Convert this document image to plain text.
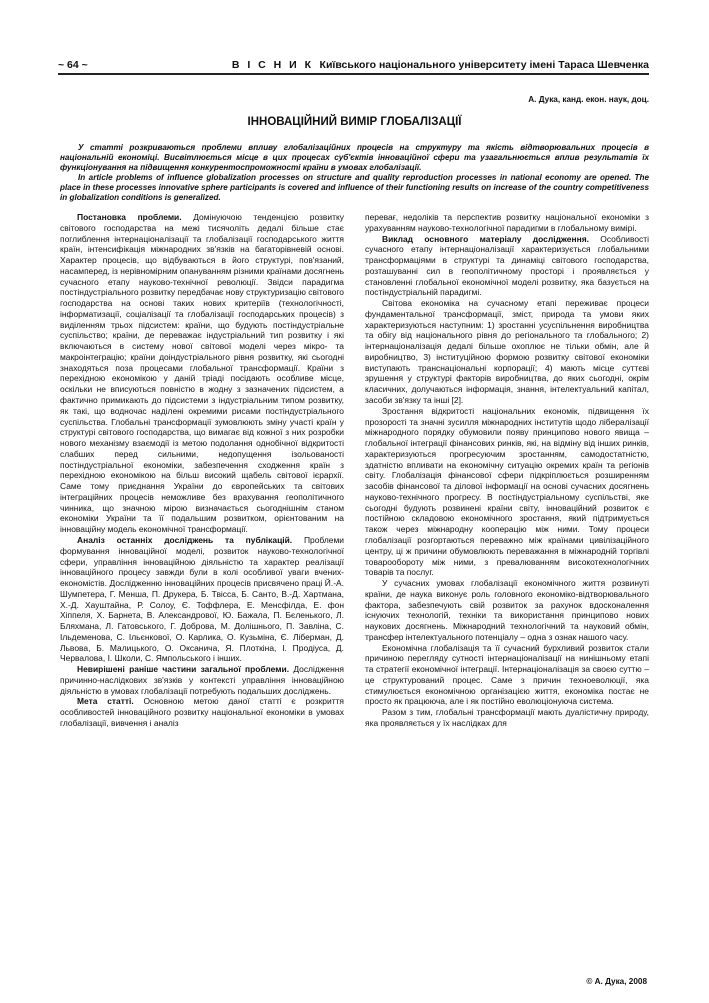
~ 64 ~	В І С Н И К Київського національного університету імені Тараса Шевченка
А. Дука, канд. екон. наук, доц.
ІННОВАЦІЙНИЙ ВИМІР ГЛОБАЛІЗАЦІЇ

У статті розкриваються проблеми впливу глобалізаційних процесів на структуру та якість відтворювальних процесів в національній економіці. Висвітлюється місце в цих процесах суб'єктів інноваційної сфери та узагальнюється вплив результатів їх функціонування на підвищення конкурентоспроможності країни в умовах глобалізації.

In article problems of influence globalization processes on structure and quality reproduction processes in national economy are opened. The place in these processes innovative sphere participants is covered and influence of their functioning results on increase of the country competitiveness in globalization conditions is generalized.

Постановка проблеми. Домінуючою тенденцією розвитку світового господарства на межі тисячоліть дедалі більше стає поглиблення інтернаціоналізації та глобалізації господарського життя країн, інтенсифікація міжнародних зв'язків на багаторівневій основі. Характер процесів, що відбуваються в його структурі, пов'язаний, насамперед, із нерівномірним опануванням різними країнами досягнень сучасного етапу науково-технічної революції. Звідси парадигма постіндустріального розвитку передбачає нову структуризацію світового господарства на основі таких нових критеріїв (технологічності, інформатизації, соціалізації та глобалізації господарських процесів) з виділенням трьох підсистем: країни, що будують постіндустріальне суспільство; країни, де переважає індустріальний тип розвитку і які включаються в систему нової світової моделі через мікро- та макроінтеграцію; країни доіндустріального рівня розвитку, які сьогодні знаходяться поза процесами глобальної трансформації. Країни з перехідною економікою у даній тріаді посідають особливе місце, оскільки не вписуються повністю в жодну з зазначених підсистем, а фактично примикають до підсистеми з індустріальним типом розвитку, як такі, що водночас наділені окремими рисами постіндустріального суспільства. Глобальні трансформації зумовлюють зміну участі країн у структурі світового господарства, що вимагає від кожної з них розробки нового механізму взаємодії із метою подолання однобічної відкритості слабших перед сильними, недопущення ізольованості постіндустріальної економіки, забезпечення сходження країн з перехідною економікою на більш високий щабель світової ієрархії. Саме тому приєднання України до європейських та світових інтеграційних процесів неможливе без врахування геополітичного чинника, що значною мірою визначається сьогоднішнім станом економіки України та її подальшим розвитком, орієнтованим на інноваційну модель економічної трансформації.

Аналіз останніх досліджень та публікацій. Проблеми формування інноваційної моделі, розвиток науково-технологічної сфери, управління інноваційною діяльністю та характер реалізації інноваційного процесу завжди були в колі особливої уваги вчених-економістів. Дослідженню інноваційних процесів присвячено праці Й.-А. Шумпетера, Г. Менша, П. Друкера, Б. Твісса, Б. Санто, В.-Д. Хартмана, Х.-Д. Хауштайна, Р. Солоу, Є. Тоффлера, Е. Менсфілда, Е. фон Хіппеля, Х. Барнета, В. Александрової, Ю. Бажала, П. Бєленького, Л. Бляхмана, Л. Гатовського, Г. Доброва, М. Долішнього, П. Завліна, С. Ільдеменова, С. Ільєнкової, О. Карлика, О. Кузьміна, Є. Ліберман, Д. Львова, Б. Малицького, О. Оксанича, Я. Плоткіна, І. Продіуса, Д. Червалова, І. Школи, С. Ямпольського і інших.

Невирішені раніше частини загальної проблеми. Дослідження причинно-наслідкових зв'язків у контексті управління інноваційною діяльністю в умовах глобалізації потребують подальших досліджень.

Мета статті. Основною метою даної статті є розкриття особливостей інноваційного розвитку національної економіки в умовах глобалізації, вивчення і аналіз

перевағ, недоліків та перспектив розвитку національної економіки з урахуванням науково-технологічної парадигми в глобальному вимірі.

Виклад основного матеріалу дослідження. Особливості сучасного етапу інтернаціоналізації характеризується глобальними трансформаціями в структурі та динаміці світового господарства, розташуванні сил в геополітичному просторі і проявляється у становленні глобальної економічної моделі розвитку, яка базується на постіндустріальній парадигмі.

Світова економіка на сучасному етапі переживає процеси фундаментальної трансформації, зміст, природа та умови яких характеризуються наступним: 1) зростанні усуспільнення виробництва та обігу від національного рівня до регіонального та глобального; 2) інтернаціоналізація дедалі більше охоплює не тільки обмін, але й виробництво, 3) інституційною формою розвитку світової економіки виступають транснаціональні корпорації; 4) мають місце суттєві зрушення у структурі факторів виробництва, до яких сьогодні, окрім класичних, долучаються інформація, знання, інтелектуальний капітал, засоби зв'язку та інші [2].

Зростання відкритості національних економік, підвищення їх прозорості та значні зусилля міжнародних інститутів щодо лібералізації міжнародного порядку обумовили появу принципово нового явища – глобальної інтеграції фінансових ринків, які, на відміну від інших ринків, характеризуються прогресуючим зростанням, самодостатністю, здатністю впливати на економічну ситуацію окремих країн та регіонів світу. Глобалізація фінансової сфери підкріплюється розширенням засобів фінансової та ділової інформації на основі сучасних досягнень науково-технічного прогресу. В постіндустріальному суспільстві, яке сьогодні будують розвинені країни світу, інноваційний розвиток є постійною складовою економічного зростання, який підтримується також через міжнародну кооперацію між ними. Тому процеси глобалізації розгортаються переважно між країнами цивілізаційного центру, ці ж причини обумовлюють переважання в міжнародній торгівлі товарообороту між ними, з превалюванням високотехнологічних товарів та послуг.

У сучасних умовах глобалізації економічного життя розвинуті країни, де наука виконує роль головного економіко-відтворювального фактора, забезпечують свій розвиток за рахунок вдосконалення існуючих технологій, техніки та використання принципово нових наукових досягнень. Міжнародний технологічний та науковий обмін, трансфер інтелектуального потенціалу – одна з ознак нашого часу.

Економічна глобалізація та її сучасний бурхливий розвиток стали причиною перегляду сутності інтернаціоналізації на нинішньому етапі та стратегії економічної інтеграції. Інтернаціоналізація за своєю суттю – це структурований процес. Саме з причин техноеволюції, яка стимулюється економічною організацією життя, економіка постає не просто як працююча, але і як постійно еволюціонуюча система.

Разом з тим, глобальні трансформації мають дуалістичну природу, яка проявляється у їх наслідках для

© А. Дука, 2008
